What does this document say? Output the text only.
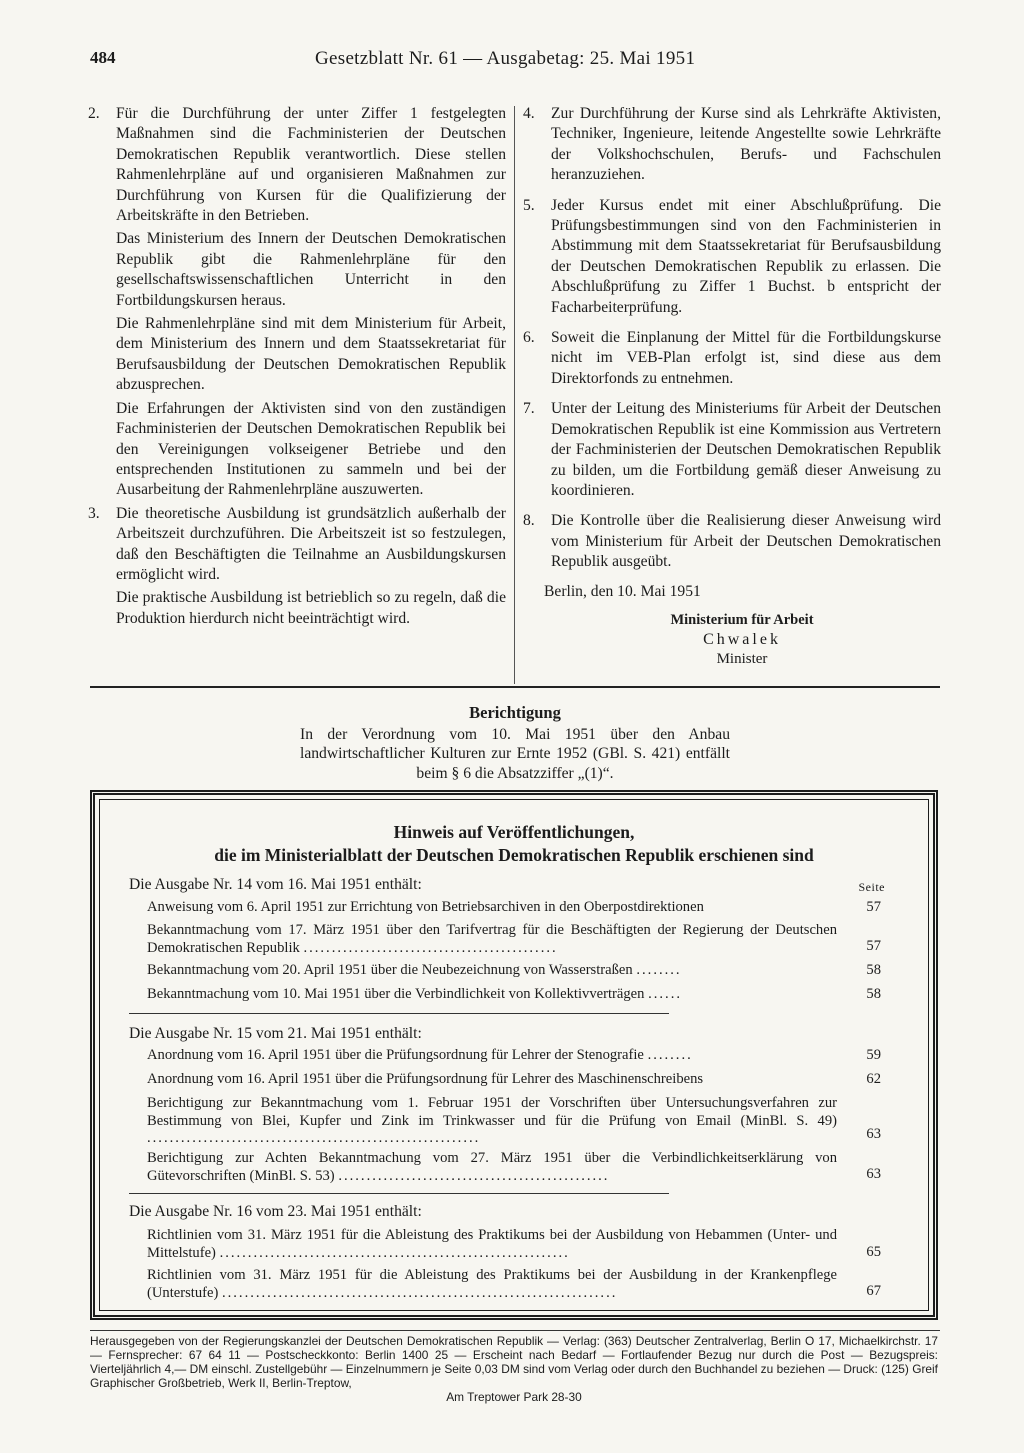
484	Gesetzblatt Nr. 61 — Ausgabetag: 25. Mai 1951
2. Für die Durchführung der unter Ziffer 1 festgelegten Maßnahmen sind die Fachministerien der Deutschen Demokratischen Republik verantwortlich. Diese stellen Rahmenlehrpläne auf und organisieren Maßnahmen zur Durchführung von Kursen für die Qualifizierung der Arbeitskräfte in den Betrieben.

Das Ministerium des Innern der Deutschen Demokratischen Republik gibt die Rahmenlehrpläne für den gesellschaftswissenschaftlichen Unterricht in den Fortbildungskursen heraus.

Die Rahmenlehrpläne sind mit dem Ministerium für Arbeit, dem Ministerium des Innern und dem Staatssekretariat für Berufsausbildung der Deutschen Demokratischen Republik abzusprechen.

Die Erfahrungen der Aktivisten sind von den zuständigen Fachministerien der Deutschen Demokratischen Republik bei den Vereinigungen volkseigener Betriebe und den entsprechenden Institutionen zu sammeln und bei der Ausarbeitung der Rahmenlehrpläne auszuwerten.

3. Die theoretische Ausbildung ist grundsätzlich außerhalb der Arbeitszeit durchzuführen. Die Arbeitszeit ist so festzulegen, daß den Beschäftigten die Teilnahme an Ausbildungskursen ermöglicht wird.

Die praktische Ausbildung ist betrieblich so zu regeln, daß die Produktion hierdurch nicht beeinträchtigt wird.

4. Zur Durchführung der Kurse sind als Lehrkräfte Aktivisten, Techniker, Ingenieure, leitende Angestellte sowie Lehrkräfte der Volkshochschulen, Berufs- und Fachschulen heranzuziehen.
5. Jeder Kursus endet mit einer Abschlußprüfung. Die Prüfungsbestimmungen sind von den Fachministerien in Abstimmung mit dem Staatssekretariat für Berufsausbildung der Deutschen Demokratischen Republik zu erlassen. Die Abschlußprüfung zu Ziffer 1 Buchst. b entspricht der Facharbeiterprüfung.
6. Soweit die Einplanung der Mittel für die Fortbildungskurse nicht im VEB-Plan erfolgt ist, sind diese aus dem Direktorfonds zu entnehmen.
7. Unter der Leitung des Ministeriums für Arbeit der Deutschen Demokratischen Republik ist eine Kommission aus Vertretern der Fachministerien der Deutschen Demokratischen Republik zu bilden, um die Fortbildung gemäß dieser Anweisung zu koordinieren.
8. Die Kontrolle über die Realisierung dieser Anweisung wird vom Ministerium für Arbeit der Deutschen Demokratischen Republik ausgeübt.
Berlin, den 10. Mai 1951
Ministerium für Arbeit
Chwalek
Minister
Berichtigung

In der Verordnung vom 10. Mai 1951 über den Anbau landwirtschaftlicher Kulturen zur Ernte 1952 (GBl. S. 421) entfällt beim § 6 die Absatzziffer „(1)“.

Hinweis auf Veröffentlichungen,
die im Ministerialblatt der Deutschen Demokratischen Republik erschienen sind
Die Ausgabe Nr. 14 vom 16. Mai 1951 enthält:	Seite
Anweisung vom 6. April 1951 zur Errichtung von Betriebsarchiven in den Oberpostdirektionen	57
Bekanntmachung vom 17. März 1951 über den Tarifvertrag für die Beschäftigten der Regierung der Deutschen Demokratischen Republik .............................................	57
Bekanntmachung vom 20. April 1951 über die Neubezeichnung von Wasserstraßen ........	58
Bekanntmachung vom 10. Mai 1951 über die Verbindlichkeit von Kollektivverträgen ......	58
Die Ausgabe Nr. 15 vom 21. Mai 1951 enthält:
Anordnung vom 16. April 1951 über die Prüfungsordnung für Lehrer der Stenografie ........	59
Anordnung vom 16. April 1951 über die Prüfungsordnung für Lehrer des Maschinenschreibens	62
Berichtigung zur Bekanntmachung vom 1. Februar 1951 der Vorschriften über Untersuchungsverfahren zur Bestimmung von Blei, Kupfer und Zink im Trinkwasser und für die Prüfung von Email (MinBl. S. 49) ...........................................................	63
Berichtigung zur Achten Bekanntmachung vom 27. März 1951 über die Verbindlichkeitserklärung von Gütevorschriften (MinBl. S. 53) ................................................	63
Die Ausgabe Nr. 16 vom 23. Mai 1951 enthält:
Richtlinien vom 31. März 1951 für die Ableistung des Praktikums bei der Ausbildung von Hebammen (Unter- und Mittelstufe) ..............................................................	65
Richtlinien vom 31. März 1951 für die Ableistung des Praktikums bei der Ausbildung in der Krankenpflege (Unterstufe) ......................................................................	67
Herausgegeben von der Regierungskanzlei der Deutschen Demokratischen Republik — Verlag: (363) Deutscher Zentralverlag, Berlin O 17, Michaelkirchstr. 17 — Fernsprecher: 67 64 11 — Postscheckkonto: Berlin 1400 25 — Erscheint nach Bedarf — Fortlaufender Bezug nur durch die Post — Bezugspreis: Vierteljährlich 4,— DM einschl. Zustellgebühr — Einzelnummern je Seite 0,03 DM sind vom Verlag oder durch den Buchhandel zu beziehen — Druck: (125) Greif Graphischer Großbetrieb, Werk II, Berlin-Treptow,
Am Treptower Park 28-30
